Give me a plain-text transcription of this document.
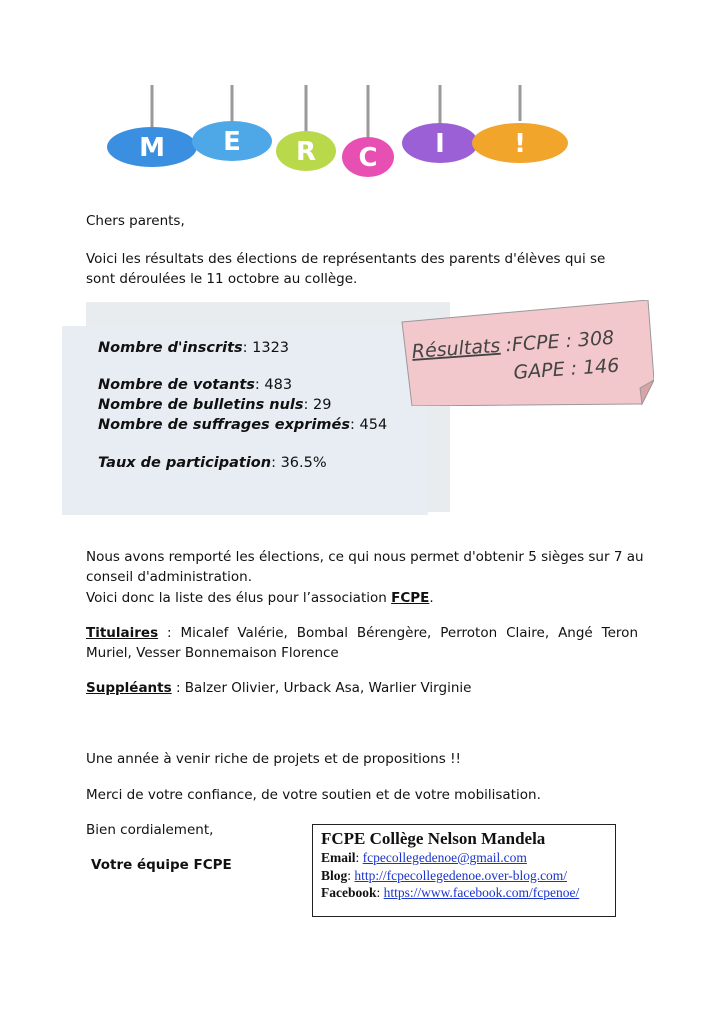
M E R C I	!
Chers parents,
Voici les résultats des élections de représentants des parents d'élèves qui se sont déroulées le 11 octobre au collège.
Nombre d'inscrits: 1323
Nombre de votants: 483
Nombre de bulletins nuls: 29
Nombre de suffrages exprimés: 454
Taux de participation: 36.5%
Résultats :FCPE : 308
GAPE : 146
Nous avons remporté les élections, ce qui nous permet d'obtenir 5 sièges sur 7 au conseil d'administration.
Voici donc la liste des élus pour l’association FCPE.
Titulaires : Micalef Valérie, Bombal Bérengère, Perroton Claire, Angé Teron Muriel, Vesser Bonnemaison Florence
Suppléants : Balzer Olivier, Urback Asa, Warlier Virginie
Une année à venir riche de projets et de propositions !!
Merci de votre confiance, de votre soutien et de votre mobilisation.
Bien cordialement,
Votre équipe FCPE
FCPE Collège Nelson Mandela
Email: fcpecollegedenoe@gmail.com
Blog: http://fcpecollegedenoe.over-blog.com/
Facebook: https://www.facebook.com/fcpenoe/
